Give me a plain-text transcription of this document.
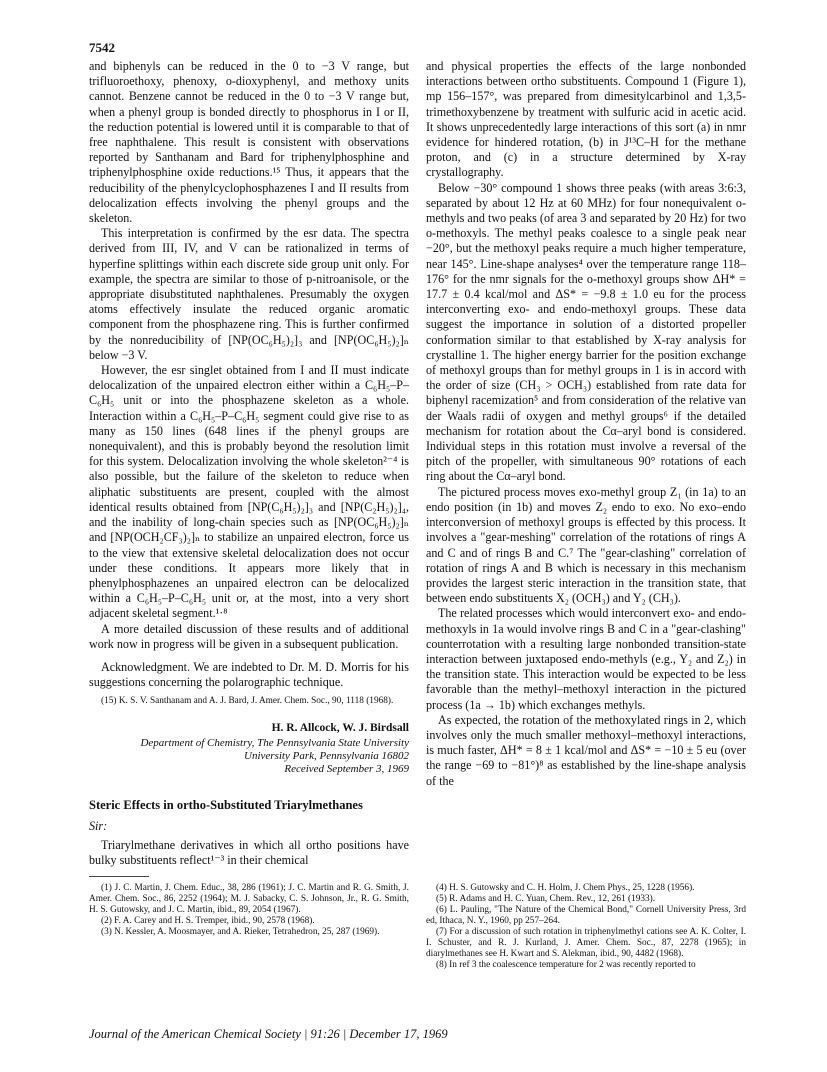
7542

and biphenyls can be reduced in the 0 to −3 V range, but trifluoroethoxy, phenoxy, o-dioxyphenyl, and methoxy units cannot. Benzene cannot be reduced in the 0 to −3 V range but, when a phenyl group is bonded directly to phosphorus in I or II, the reduction potential is lowered until it is comparable to that of free naphthalene. This result is consistent with observations reported by Santhanam and Bard for triphenylphosphine and triphenylphosphine oxide reductions.¹⁵ Thus, it appears that the reducibility of the phenylcyclophosphazenes I and II results from delocalization effects involving the phenyl groups and the skeleton.

This interpretation is confirmed by the esr data. The spectra derived from III, IV, and V can be rationalized in terms of hyperfine splittings within each discrete side group unit only. For example, the spectra are similar to those of p-nitroanisole, or the appropriate disubstituted naphthalenes. Presumably the oxygen atoms effectively insulate the reduced organic aromatic component from the phosphazene ring. This is further confirmed by the nonreducibility of [NP(OC₆H₅)₂]₃ and [NP(OC₆H₅)₂]ₙ below −3 V.

However, the esr singlet obtained from I and II must indicate delocalization of the unpaired electron either within a C₆H₅–P–C₆H₅ unit or into the phosphazene skeleton as a whole. Interaction within a C₆H₅–P–C₆H₅ segment could give rise to as many as 150 lines (648 lines if the phenyl groups are nonequivalent), and this is probably beyond the resolution limit for this system. Delocalization involving the whole skeleton²⁻⁴ is also possible, but the failure of the skeleton to reduce when aliphatic substituents are present, coupled with the almost identical results obtained from [NP(C₆H₅)₂]₃ and [NP(C₂H₅)₂]₄, and the inability of long-chain species such as [NP(OC₆H₅)₂]ₙ and [NP(OCH₂CF₃)₂]ₙ to stabilize an unpaired electron, force us to the view that extensive skeletal delocalization does not occur under these conditions. It appears more likely that in phenylphosphazenes an unpaired electron can be delocalized within a C₆H₅–P–C₆H₅ unit or, at the most, into a very short adjacent skeletal segment.¹·⁸

A more detailed discussion of these results and of additional work now in progress will be given in a subsequent publication.

Acknowledgment. We are indebted to Dr. M. D. Morris for his suggestions concerning the polarographic technique.

(15) K. S. V. Santhanam and A. J. Bard, J. Amer. Chem. Soc., 90, 1118 (1968).

H. R. Allcock, W. J. Birdsall
Department of Chemistry, The Pennsylvania State University
University Park, Pennsylvania 16802
Received September 3, 1969
Steric Effects in ortho-Substituted Triarylmethanes
Sir:

Triarylmethane derivatives in which all ortho positions have bulky substituents reflect¹⁻³ in their chemical

(1) J. C. Martin, J. Chem. Educ., 38, 286 (1961); J. C. Martin and R. G. Smith, J. Amer. Chem. Soc., 86, 2252 (1964); M. J. Sabacky, C. S. Johnson, Jr., R. G. Smith, H. S. Gutowsky, and J. C. Martin, ibid., 89, 2054 (1967).

(2) F. A. Carey and H. S. Tremper, ibid., 90, 2578 (1968).

(3) N. Kessler, A. Moosmayer, and A. Rieker, Tetrahedron, 25, 287 (1969).

and physical properties the effects of the large nonbonded interactions between ortho substituents. Compound 1 (Figure 1), mp 156–157°, was prepared from dimesitylcarbinol and 1,3,5-trimethoxybenzene by treatment with sulfuric acid in acetic acid. It shows unprecedentedly large interactions of this sort (a) in nmr evidence for hindered rotation, (b) in J¹³C–H for the methane proton, and (c) in a structure determined by X-ray crystallography.

Below −30° compound 1 shows three peaks (with areas 3:6:3, separated by about 12 Hz at 60 MHz) for four nonequivalent o-methyls and two peaks (of area 3 and separated by 20 Hz) for two o-methoxyls. The methyl peaks coalesce to a single peak near −20°, but the methoxyl peaks require a much higher temperature, near 145°. Line-shape analyses⁴ over the temperature range 118–176° for the nmr signals for the o-methoxyl groups show ΔH* = 17.7 ± 0.4 kcal/mol and ΔS* = −9.8 ± 1.0 eu for the process interconverting exo- and endo-methoxyl groups. These data suggest the importance in solution of a distorted propeller conformation similar to that established by X-ray analysis for crystalline 1. The higher energy barrier for the position exchange of methoxyl groups than for methyl groups in 1 is in accord with the order of size (CH₃ > OCH₃) established from rate data for biphenyl racemization⁵ and from consideration of the relative van der Waals radii of oxygen and methyl groups⁶ if the detailed mechanism for rotation about the Cα–aryl bond is considered. Individual steps in this rotation must involve a reversal of the pitch of the propeller, with simultaneous 90° rotations of each ring about the Cα–aryl bond.

The pictured process moves exo-methyl group Z₁ (in 1a) to an endo position (in 1b) and moves Z₂ endo to exo. No exo–endo interconversion of methoxyl groups is effected by this process. It involves a "gear-meshing" correlation of the rotations of rings A and C and of rings B and C.⁷ The "gear-clashing" correlation of rotation of rings A and B which is necessary in this mechanism provides the largest steric interaction in the transition state, that between endo substituents X₂ (OCH₃) and Y₂ (CH₃).

The related processes which would interconvert exo- and endo-methoxyls in 1a would involve rings B and C in a "gear-clashing" counterrotation with a resulting large nonbonded transition-state interaction between juxtaposed endo-methyls (e.g., Y₂ and Z₂) in the transition state. This interaction would be expected to be less favorable than the methyl–methoxyl interaction in the pictured process (1a → 1b) which exchanges methyls.

As expected, the rotation of the methoxylated rings in 2, which involves only the much smaller methoxyl–methoxyl interactions, is much faster, ΔH* = 8 ± 1 kcal/mol and ΔS* = −10 ± 5 eu (over the range −69 to −81°)⁸ as established by the line-shape analysis of the

(4) H. S. Gutowsky and C. H. Holm, J. Chem Phys., 25, 1228 (1956).

(5) R. Adams and H. C. Yuan, Chem. Rev., 12, 261 (1933).

(6) L. Pauling, "The Nature of the Chemical Bond," Cornell University Press, 3rd ed, Ithaca, N. Y., 1960, pp 257–264.

(7) For a discussion of such rotation in triphenylmethyl cations see A. K. Colter, I. I. Schuster, and R. J. Kurland, J. Amer. Chem. Soc., 87, 2278 (1965); in diarylmethanes see H. Kwart and S. Alekman, ibid., 90, 4482 (1968).

(8) In ref 3 the coalescence temperature for 2 was recently reported to

Journal of the American Chemical Society | 91:26 | December 17, 1969
